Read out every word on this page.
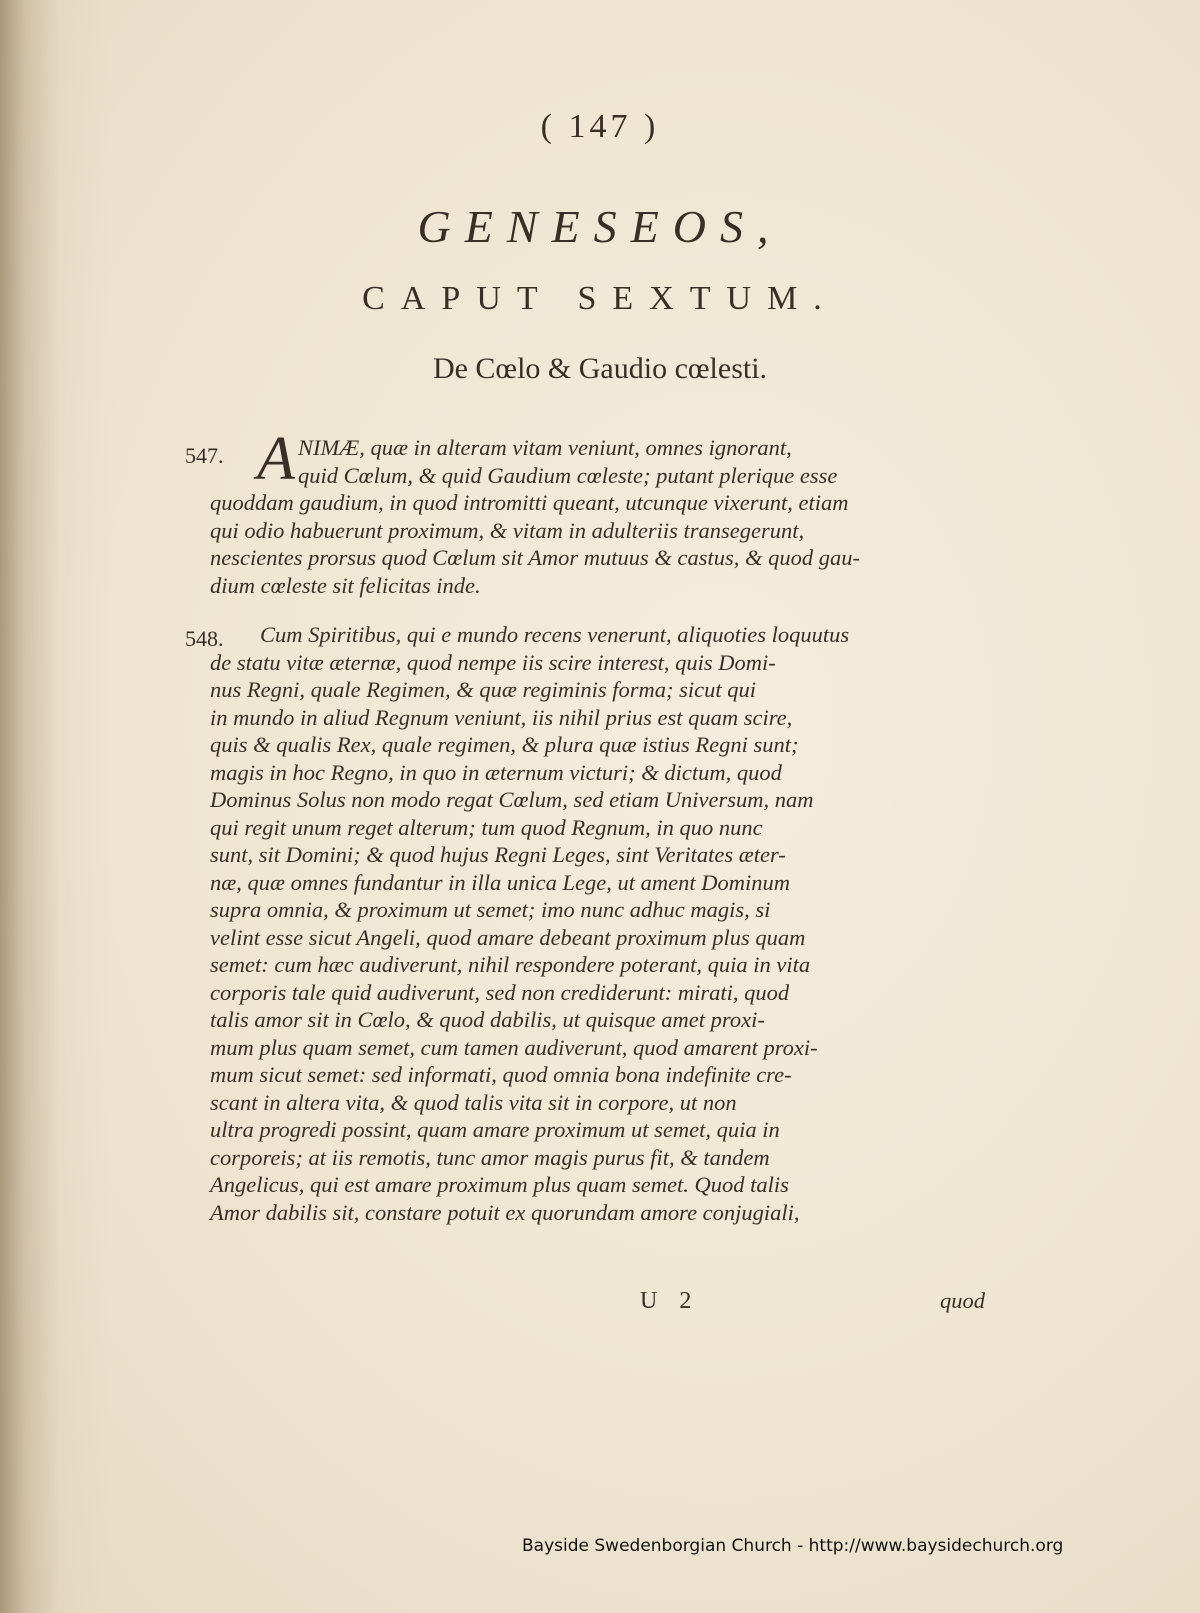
( 147 )
GENESEOS,
CAPUT SEXTUM.
De Cœlo & Gaudio cœlesti.
547. A NIMÆ, quæ in alteram vitam veniunt, omnes ignorant,
quid Cœlum, & quid Gaudium cœleste; putant plerique esse
quoddam gaudium, in quod intromitti queant, utcunque vixerunt, etiam
qui odio habuerunt proximum, & vitam in adulteriis transegerunt,
nescientes prorsus quod Cœlum sit Amor mutuus & castus, & quod gau-
dium cœleste sit felicitas inde.

548.	Cum Spiritibus, qui e mundo recens venerunt, aliquoties loquutus
de statu vitæ æternæ, quod nempe iis scire interest, quis Domi-
nus Regni, quale Regimen, & quæ regiminis forma; sicut qui
in mundo in aliud Regnum veniunt, iis nihil prius est quam scire,
quis & qualis Rex, quale regimen, & plura quæ istius Regni sunt;
magis in hoc Regno, in quo in æternum victuri; & dictum, quod
Dominus Solus non modo regat Cœlum, sed etiam Universum, nam
qui regit unum reget alterum; tum quod Regnum, in quo nunc
sunt, sit Domini; & quod hujus Regni Leges, sint Veritates æter-
næ, quæ omnes fundantur in illa unica Lege, ut ament Dominum
supra omnia, & proximum ut semet; imo nunc adhuc magis, si
velint esse sicut Angeli, quod amare debeant proximum plus quam
semet: cum hæc audiverunt, nihil respondere poterant, quia in vita
corporis tale quid audiverunt, sed non crediderunt: mirati, quod
talis amor sit in Cœlo, & quod dabilis, ut quisque amet proxi-
mum plus quam semet, cum tamen audiverunt, quod amarent proxi-
mum sicut semet: sed informati, quod omnia bona indefinite cre-
scant in altera vita, & quod talis vita sit in corpore, ut non
ultra progredi possint, quam amare proximum ut semet, quia in
corporeis; at iis remotis, tunc amor magis purus fit, & tandem
Angelicus, qui est amare proximum plus quam semet. Quod talis
Amor dabilis sit, constare potuit ex quorundam amore conjugiali,

U 2	quod
Bayside Swedenborgian Church - http://www.baysidechurch.org
